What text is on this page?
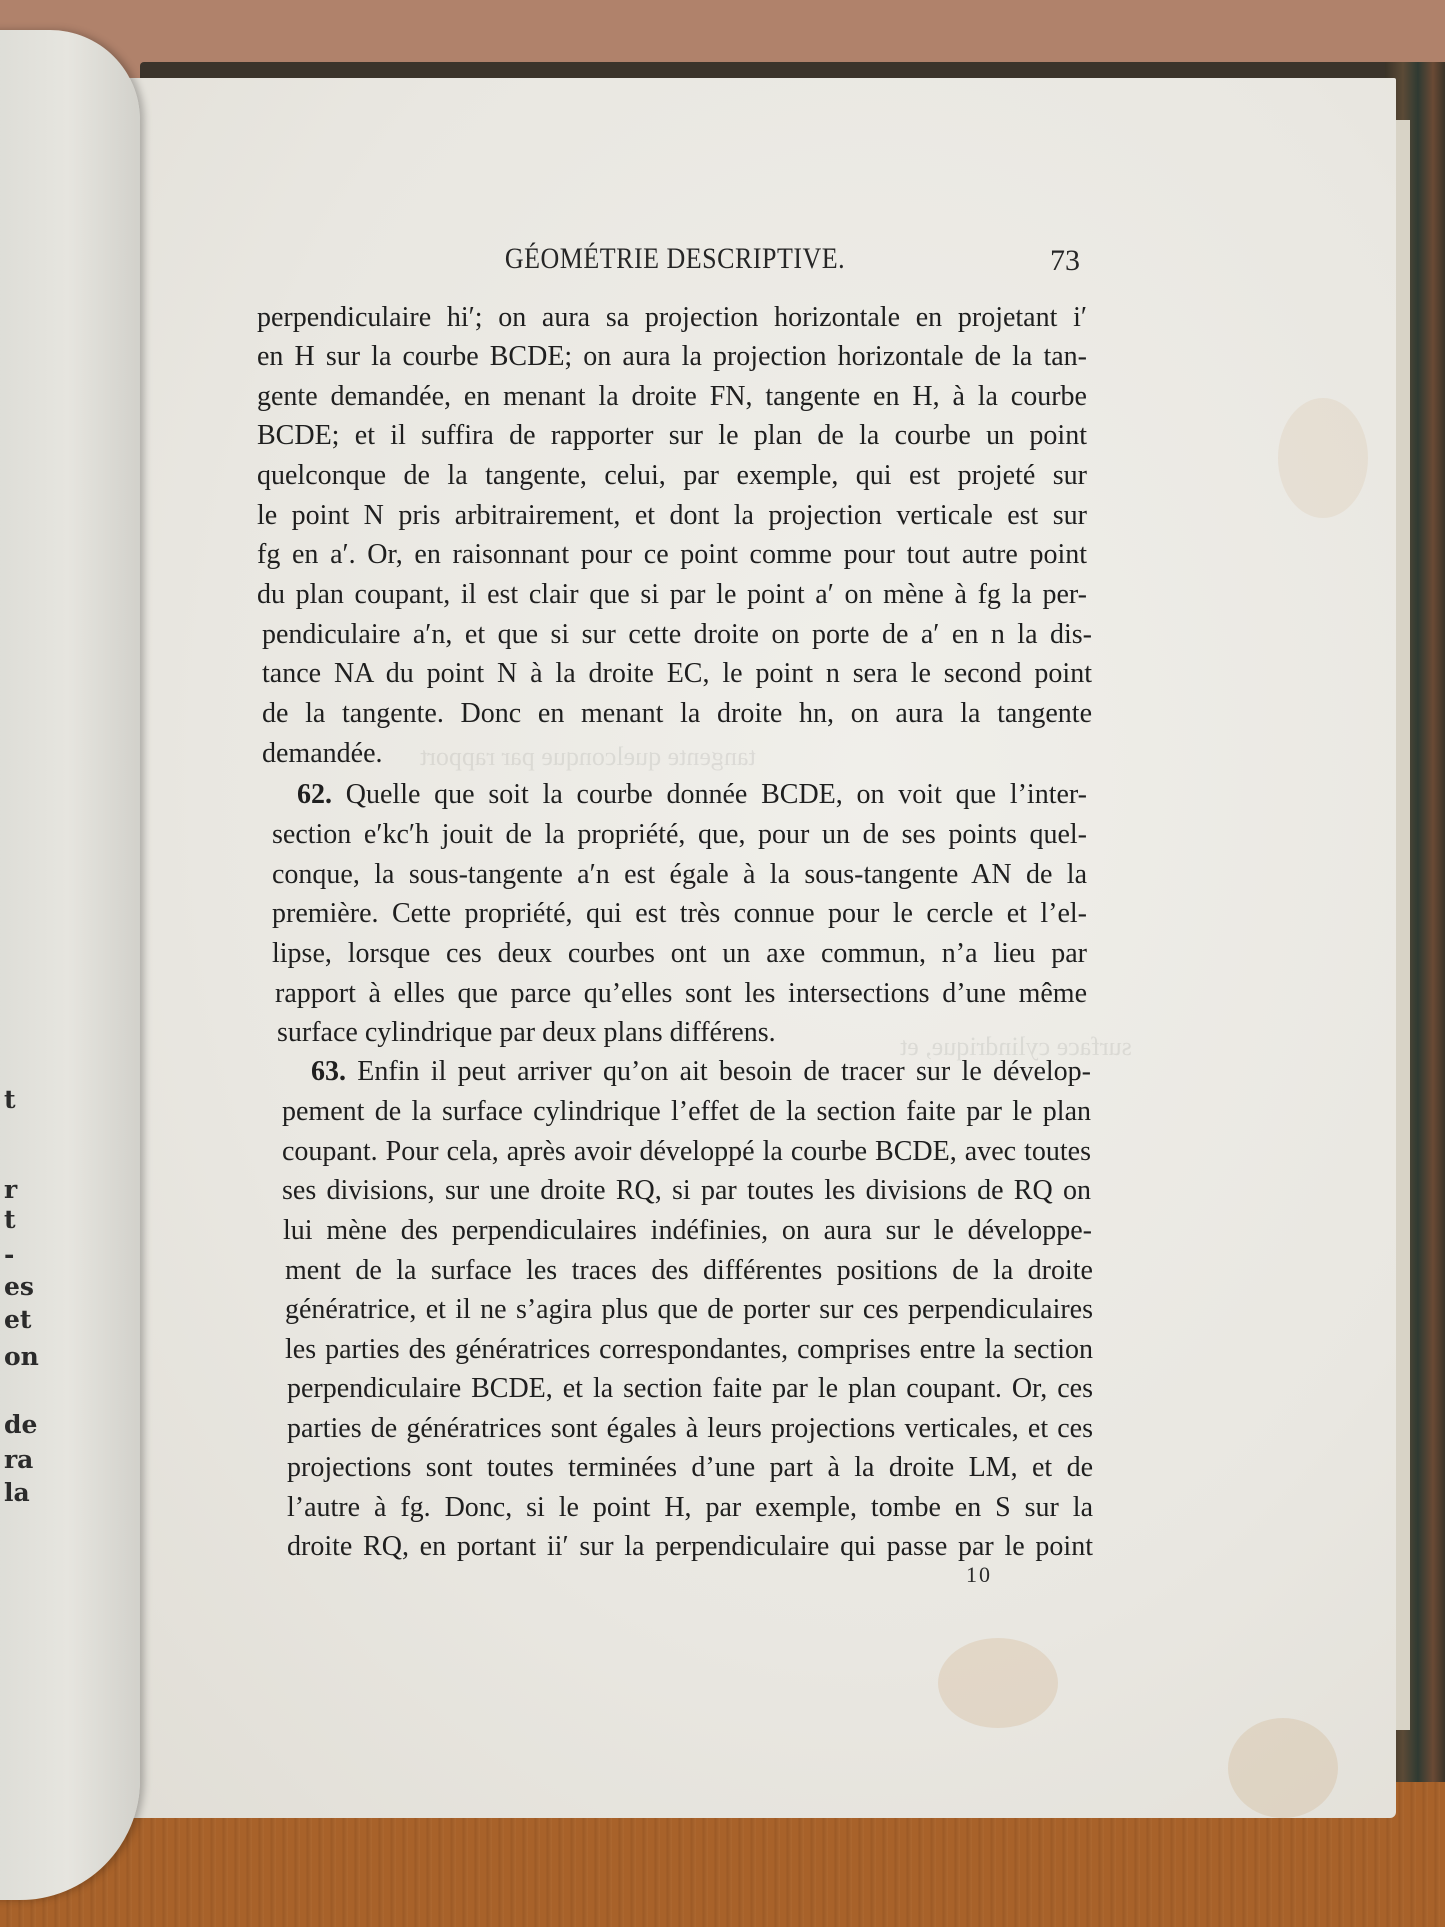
t
r
t
-
es
et
on
de
ra
la
tangente quelconque par rapport
surface cylindrique, et
GÉOMÉTRIE DESCRIPTIVE.	73
perpendiculaire hi′; on aura sa projection horizontale en projetant i′
en H sur la courbe BCDE; on aura la projection horizontale de la tan-
gente demandée, en menant la droite FN, tangente en H, à la courbe
BCDE; et il suffira de rapporter sur le plan de la courbe un point
quelconque de la tangente, celui, par exemple, qui est projeté sur
le point N pris arbitrairement, et dont la projection verticale est sur
fg en a′. Or, en raisonnant pour ce point comme pour tout autre point
du plan coupant, il est clair que si par le point a′ on mène à fg la per-
pendiculaire a′n, et que si sur cette droite on porte de a′ en n la dis-
tance NA du point N à la droite EC, le point n sera le second point
de la tangente. Donc en menant la droite hn, on aura la tangente
demandée.
62. Quelle que soit la courbe donnée BCDE, on voit que l’inter-
section e′kc′h jouit de la propriété, que, pour un de ses points quel-
conque, la sous-tangente a′n est égale à la sous-tangente AN de la
première. Cette propriété, qui est très connue pour le cercle et l’el-
lipse, lorsque ces deux courbes ont un axe commun, n’a lieu par
rapport à elles que parce qu’elles sont les intersections d’une même
surface cylindrique par deux plans différens.
63. Enfin il peut arriver qu’on ait besoin de tracer sur le dévelop-
pement de la surface cylindrique l’effet de la section faite par le plan
coupant. Pour cela, après avoir développé la courbe BCDE, avec toutes
ses divisions, sur une droite RQ, si par toutes les divisions de RQ on
lui mène des perpendiculaires indéfinies, on aura sur le développe-
ment de la surface les traces des différentes positions de la droite
génératrice, et il ne s’agira plus que de porter sur ces perpendiculaires
les parties des génératrices correspondantes, comprises entre la section
perpendiculaire BCDE, et la section faite par le plan coupant. Or, ces
parties de génératrices sont égales à leurs projections verticales, et ces
projections sont toutes terminées d’une part à la droite LM, et de
l’autre à fg. Donc, si le point H, par exemple, tombe en S sur la
droite RQ, en portant ii′ sur la perpendiculaire qui passe par le point
10
